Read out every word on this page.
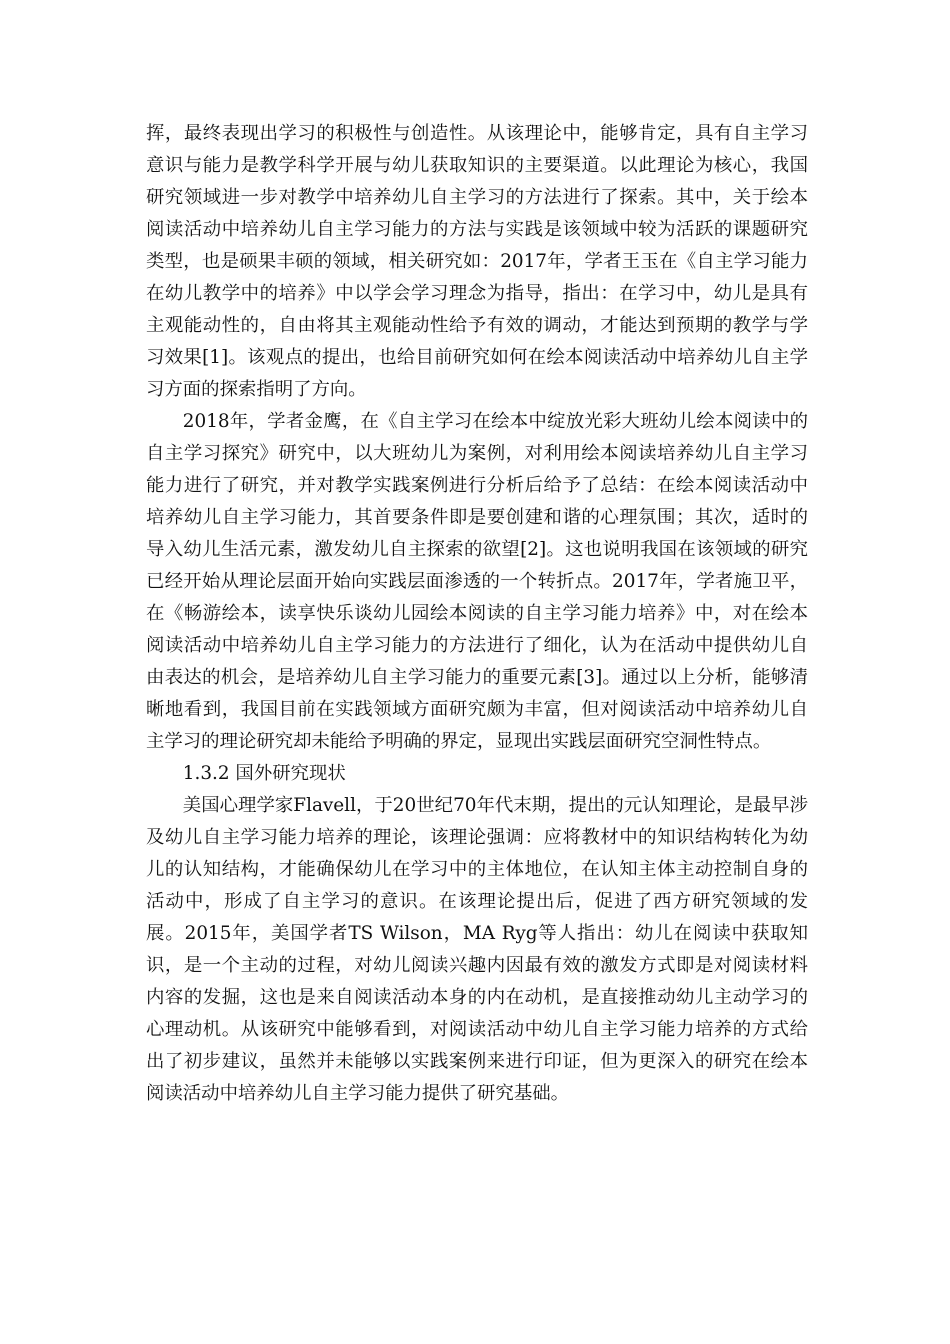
挥，最终表现出学习的积极性与创造性。从该理论中，能够肯定，具有自主学习意识与能力是教学科学开展与幼儿获取知识的主要渠道。以此理论为核心，我国研究领域进一步对教学中培养幼儿自主学习的方法进行了探索。其中，关于绘本阅读活动中培养幼儿自主学习能力的方法与实践是该领域中较为活跃的课题研究类型，也是硕果丰硕的领域，相关研究如：2017年，学者王玉在《自主学习能力在幼儿教学中的培养》中以学会学习理念为指导，指出：在学习中，幼儿是具有主观能动性的，自由将其主观能动性给予有效的调动，才能达到预期的教学与学习效果[1]。该观点的提出，也给目前研究如何在绘本阅读活动中培养幼儿自主学习方面的探索指明了方向。

2018年，学者金鹰，在《自主学习在绘本中绽放光彩大班幼儿绘本阅读中的自主学习探究》研究中，以大班幼儿为案例，对利用绘本阅读培养幼儿自主学习能力进行了研究，并对教学实践案例进行分析后给予了总结：在绘本阅读活动中培养幼儿自主学习能力，其首要条件即是要创建和谐的心理氛围；其次，适时的导入幼儿生活元素，激发幼儿自主探索的欲望[2]。这也说明我国在该领域的研究已经开始从理论层面开始向实践层面渗透的一个转折点。2017年，学者施卫平，在《畅游绘本，读享快乐谈幼儿园绘本阅读的自主学习能力培养》中，对在绘本阅读活动中培养幼儿自主学习能力的方法进行了细化，认为在活动中提供幼儿自由表达的机会，是培养幼儿自主学习能力的重要元素[3]。通过以上分析，能够清晰地看到，我国目前在实践领域方面研究颇为丰富，但对阅读活动中培养幼儿自主学习的理论研究却未能给予明确的界定，显现出实践层面研究空洞性特点。

1.3.2 国外研究现状

美国心理学家Flavell，于20世纪70年代末期，提出的元认知理论，是最早涉及幼儿自主学习能力培养的理论，该理论强调：应将教材中的知识结构转化为幼儿的认知结构，才能确保幼儿在学习中的主体地位，在认知主体主动控制自身的活动中，形成了自主学习的意识。在该理论提出后，促进了西方研究领域的发展。2015年，美国学者TS Wilson，MA Ryg等人指出：幼儿在阅读中获取知识，是一个主动的过程，对幼儿阅读兴趣内因最有效的激发方式即是对阅读材料内容的发掘，这也是来自阅读活动本身的内在动机，是直接推动幼儿主动学习的心理动机。从该研究中能够看到，对阅读活动中幼儿自主学习能力培养的方式给出了初步建议，虽然并未能够以实践案例来进行印证，但为更深入的研究在绘本阅读活动中培养幼儿自主学习能力提供了研究基础。
